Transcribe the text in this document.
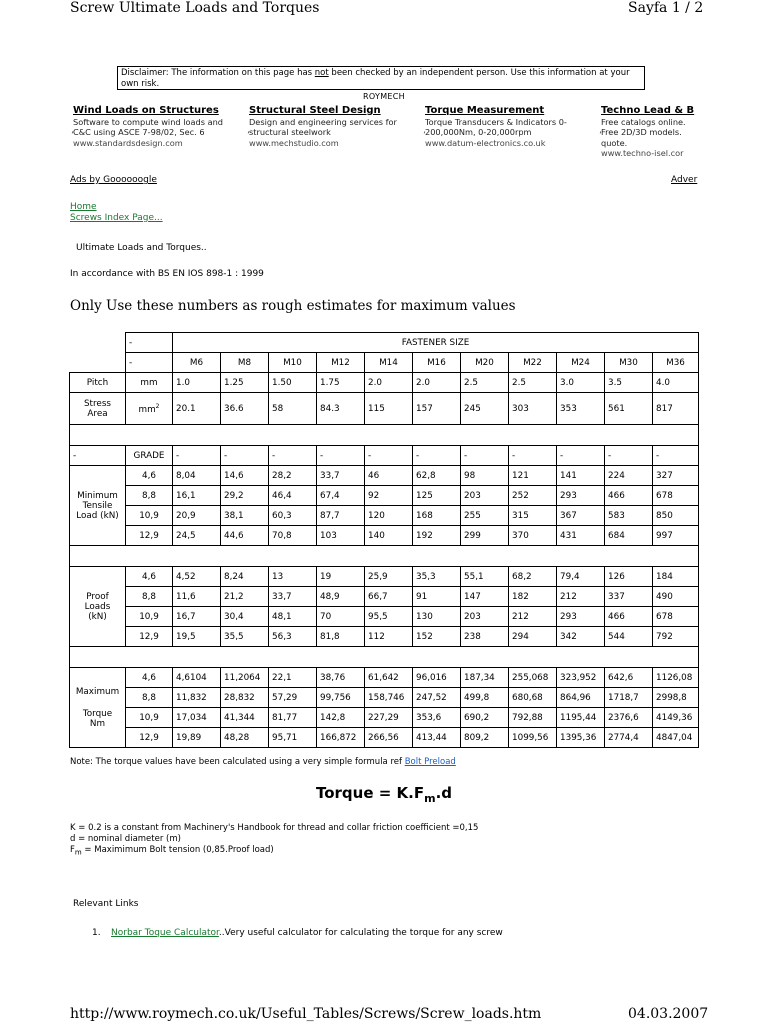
Screw Ultimate Loads and Torques	Sayfa 1 / 2
Disclaimer: The information on this page has not been checked by an independent person. Use this information at your own risk.
ROYMECH
Wind Loads on Structures
Software to compute wind loads and C&C using ASCE 7-98/02, Sec. 6
www.standardsdesign.com
Structural Steel Design
Design and engineering services for structural steelwork
www.mechstudio.com
Torque Measurement
Torque Transducers & Indicators 0-200,000Nm, 0-20,000rpm
www.datum-electronics.co.uk
Techno Lead & B
Free catalogs online. Free 2D/3D models. quote.
www.techno-isel.cor
Ads by Goooooogle	Adver
Home
Screws Index Page...
Ultimate Loads and Torques..
In accordance with BS EN IOS 898-1 : 1999
Only Use these numbers as rough estimates for maximum values
	-	FASTENER SIZE										
	-	M6	M8	M10	M12	M14	M16	M20	M22	M24	M30	M36
Pitch	mm	1.0	1.25	1.50	1.75	2.0	2.0	2.5	2.5	3.0	3.5	4.0
Stress Area	$mm^2$	20.1	36.6	58	84.3	115	157	245	303	353	561	817

-	GRADE	-	-	-	-	-	-	-	-	-	-	-
Minimum Tensile Load (kN)	4,6	8,04	14,6	28,2	33,7	46	62,8	98	121	141	224	327
	8,8	16,1	29,2	46,4	67,4	92	125	203	252	293	466	678
	10,9	20,9	38,1	60,3	87,7	120	168	255	315	367	583	850
	12,9	24,5	44,6	70,8	103	140	192	299	370	431	684	997

Proof Loads (kN)	4,6	4,52	8,24	13	19	25,9	35,3	55,1	68,2	79,4	126	184
	8,8	11,6	21,2	33,7	48,9	66,7	91	147	182	212	337	490
	10,9	16,7	30,4	48,1	70	95,5	130	203	212	293	466	678
	12,9	19,5	35,5	56,3	81,8	112	152	238	294	342	544	792

Maximum
Torque
Nm	4,6	4,6104	11,2064	22,1	38,76	61,642	96,016	187,34	255,068	323,952	642,6	1126,08
	8,8	11,832	28,832	57,29	99,756	158,746	247,52	499,8	680,68	864,96	1718,7	2998,8
	10,9	17,034	41,344	81,77	142,8	227,29	353,6	690,2	792,88	1195,44	2376,6	4149,36
	12,9	19,89	48,28	95,71	166,872	266,56	413,44	809,2	1099,56	1395,36	2774,4	4847,04
Note: The torque values have been calculated using a very simple formula ref Bolt Preload
Torque = $K.F_m.d$
K = 0.2 is a constant from Machinery's Handbook for thread and collar friction coefficient =0,15
d = nominal diameter (m)
$F_m$ = Maximimum Bolt tension (0,85.Proof load)
Relevant Links
1. Norbar Toque Calculator..Very useful calculator for calculating the torque for any screw
http://www.roymech.co.uk/Useful_Tables/Screws/Screw_loads.htm	04.03.2007
’	’	’	’
